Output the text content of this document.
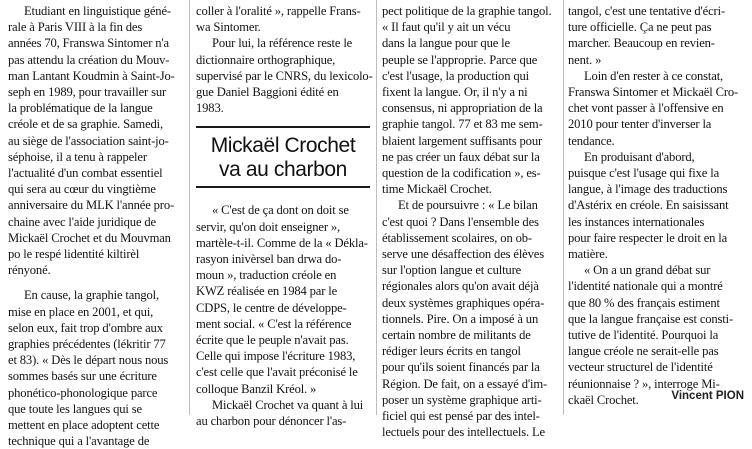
Etudiant en linguistique géné-
rale à Paris VIII à la fin des
années 70, Franswa Sintomer n'a
pas attendu la création du Mouv-
man Lantant Koudmin à Saint-Jo-
seph en 1989, pour travailler sur
la problématique de la langue
créole et de sa graphie. Samedi,
au siège de l'association saint-jo-
séphoise, il a tenu à rappeler
l'actualité d'un combat essentiel
qui sera au cœur du vingtième
anniversaire du MLK l'année pro-
chaine avec l'aide juridique de
Mickaël Crochet et du Mouvman
po le respé lidentité kiltirèl
rényoné.
En cause, la graphie tangol,
mise en place en 2001, et qui,
selon eux, fait trop d'ombre aux
graphies précédentes (lékritir 77
et 83). « Dès le départ nous nous
sommes basés sur une écriture
phonético-phonologique parce
que toute les langues qui se
mettent en place adoptent cette
technique qui a l'avantage de
coller à l'oralité », rappelle Frans-
wa Sintomer.
Pour lui, la référence reste le
dictionnaire orthographique,
supervisé par le CNRS, du lexicolo-
gue Daniel Baggioni édité en
1983.
Mickaël Crochet
va au charbon
« C'est de ça dont on doit se
servir, qu'on doit enseigner »,
martèle-t-il. Comme de la « Dékla-
rasyon inivèrsel ban drwa do-
moun », traduction créole en
KWZ réalisée en 1984 par le
CDPS, le centre de développe-
ment social. « C'est la référence
écrite que le peuple n'avait pas.
Celle qui impose l'écriture 1983,
c'est celle que l'avait préconisé le
colloque Banzil Kréol. »
Mickaël Crochet va quant à lui
au charbon pour dénoncer l'as-
pect politique de la graphie tangol.
« Il faut qu'il y ait un vécu
dans la langue pour que le
peuple se l'approprie. Parce que
c'est l'usage, la production qui
fixent la langue. Or, il n'y a ni
consensus, ni appropriation de la
graphie tangol. 77 et 83 me sem-
blaient largement suffisants pour
ne pas créer un faux débat sur la
question de la codification », es-
time Mickaël Crochet.
Et de poursuivre : « Le bilan
c'est quoi ? Dans l'ensemble des
établissement scolaires, on ob-
serve une désaffection des élèves
sur l'option langue et culture
régionales alors qu'on avait déjà
deux systèmes graphiques opéra-
tionnels. Pire. On a imposé à un
certain nombre de militants de
rédiger leurs écrits en tangol
pour qu'ils soient financés par la
Région. De fait, on a essayé d'im-
poser un système graphique arti-
ficiel qui est pensé par des intel-
lectuels pour des intellectuels. Le
tangol, c'est une tentative d'écri-
ture officielle. Ça ne peut pas
marcher. Beaucoup en revien-
nent. »
Loin d'en rester à ce constat,
Franswa Sintomer et Mickaël Cro-
chet vont passer à l'offensive en
2010 pour tenter d'inverser la
tendance.
En produisant d'abord,
puisque c'est l'usage qui fixe la
langue, à l'image des traductions
d'Astérix en créole. En saisissant
les instances internationales
pour faire respecter le droit en la
matière.
« On a un grand débat sur
l'identité nationale qui a montré
que 80 % des français estiment
que la langue française est consti-
tutive de l'identité. Pourquoi la
langue créole ne serait-elle pas
vecteur structurel de l'identité
réunionnaise ? », interroge Mi-
ckaël Crochet.	Vincent PION
